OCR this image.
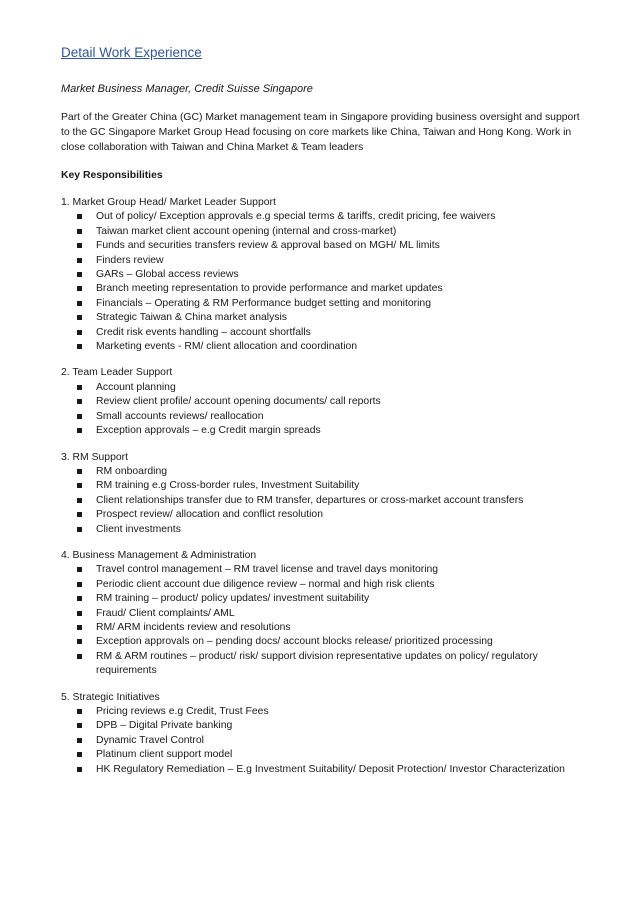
Detail Work Experience
Market Business Manager, Credit Suisse Singapore
Part of the Greater China (GC) Market management team in Singapore providing business oversight and support to the GC Singapore Market Group Head focusing on core markets like China, Taiwan and Hong Kong. Work in close collaboration with Taiwan and China Market & Team leaders
Key Responsibilities
1. Market Group Head/ Market Leader Support
Out of policy/ Exception approvals e.g special terms & tariffs, credit pricing, fee waivers
Taiwan market client account opening (internal and cross-market)
Funds and securities transfers review & approval based on MGH/ ML limits
Finders review
GARs – Global access reviews
Branch meeting representation to provide performance and market updates
Financials – Operating & RM Performance budget setting and monitoring
Strategic Taiwan & China market analysis
Credit risk events handling – account shortfalls
Marketing events - RM/ client allocation and coordination
2. Team Leader Support
Account planning
Review client profile/ account opening documents/ call reports
Small accounts reviews/ reallocation
Exception approvals – e.g Credit margin spreads
3. RM Support
RM onboarding
RM training e.g Cross-border rules, Investment Suitability
Client relationships transfer due to RM transfer, departures or cross-market account transfers
Prospect review/ allocation and conflict resolution
Client investments
4. Business Management & Administration
Travel control management – RM travel license and travel days monitoring
Periodic client account due diligence review – normal and high risk clients
RM training – product/ policy updates/ investment suitability
Fraud/ Client complaints/ AML
RM/ ARM incidents review and resolutions
Exception approvals on – pending docs/ account blocks release/ prioritized processing
RM & ARM routines – product/ risk/ support division representative updates on policy/ regulatory requirements
5. Strategic Initiatives
Pricing reviews e.g Credit, Trust Fees
DPB – Digital Private banking
Dynamic Travel Control
Platinum client support model
HK Regulatory Remediation – E.g Investment Suitability/ Deposit Protection/ Investor Characterization
